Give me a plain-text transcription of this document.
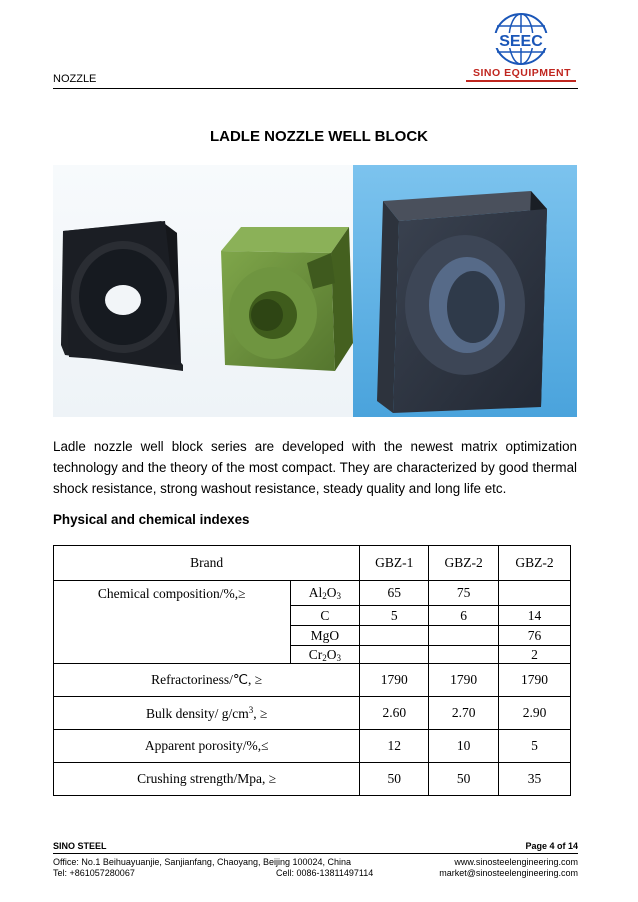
SEEC
SINO EQUIPMENT
NOZZLE
LADLE NOZZLE WELL BLOCK
Ladle nozzle well block series are developed with the newest matrix optimization technology and the theory of the most compact. They are characterized by good thermal shock resistance, strong washout resistance, steady quality and long life etc.
Physical and chemical indexes
Brand		GBZ-1	GBZ-2	GBZ-2
Chemical composition/%,≥	$Al_2O_3$	65	75	
	C	5	6	14
	MgO			76
	$Cr_2O_3$			2
Refractoriness/℃, ≥		1790	1790	1790
Bulk density/ $g/cm^3$, ≥		2.60	2.70	2.90
Apparent porosity/%,≤		12	10	5
Crushing strength/Mpa, ≥		50	50	35
SINO STEEL	Page 4 of 14
Office: No.1 Beihuayuanjie, Sanjianfang, Chaoyang, Beijing 100024, China	www.sinosteelengineering.com
Tel: +861057280067	Cell: 0086-13811497114	market@sinosteelengineering.com
